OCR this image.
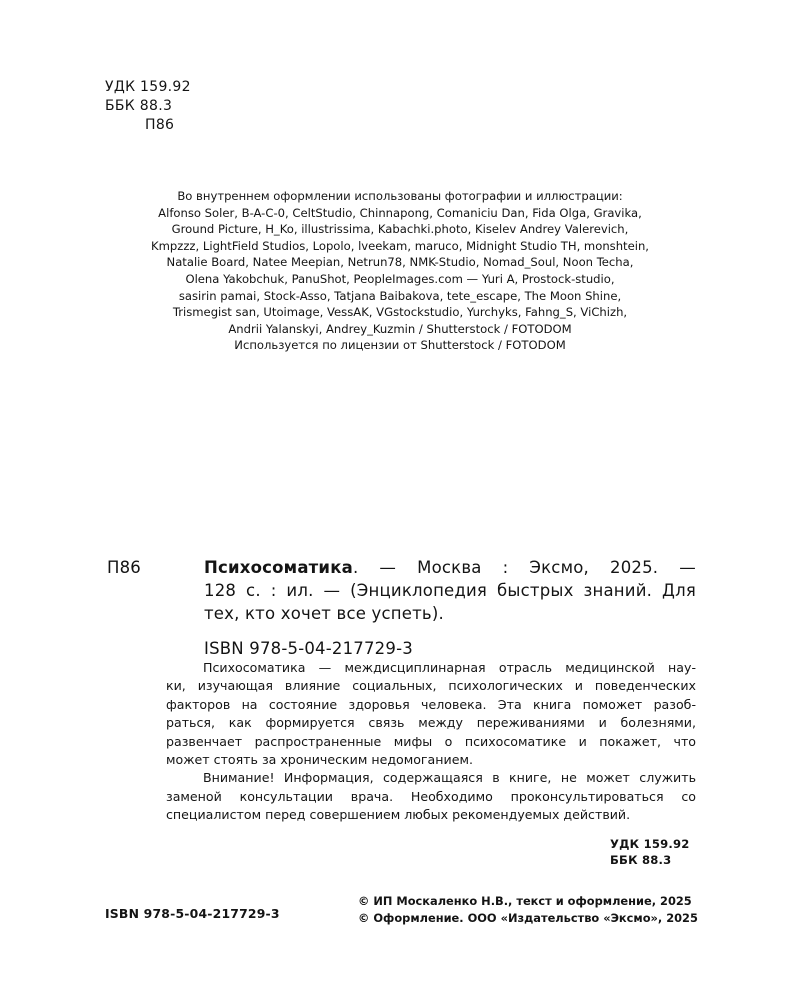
УДК 159.92
ББК 88.3
П86
Во внутреннем оформлении использованы фотографии и иллюстрации:
Alfonso Soler, B-A-C-0, CeltStudio, Chinnapong, Comaniciu Dan, Fida Olga, Gravika,
Ground Picture, H_Ko, illustrissima, Kabachki.photo, Kiselev Andrey Valerevich,
Kmpzzz, LightField Studios, Lopolo, lveekam, maruco, Midnight Studio TH, monshtein,
Natalie Board, Natee Meepian, Netrun78, NMK-Studio, Nomad_Soul, Noon Techa,
Olena Yakobchuk, PanuShot, PeopleImages.com — Yuri A, Prostock-studio,
sasirin pamai, Stock-Asso, Tatjana Baibakova, tete_escape, The Moon Shine,
Trismegist san, Utoimage, VessAK, VGstockstudio, Yurchyks, Fahng_S, ViChizh,
Andrii Yalanskyi, Andrey_Kuzmin / Shutterstock / FOTODOM
Используется по лицензии от Shutterstock / FOTODOM
П86	Психосоматика. — Москва : Эксмо, 2025. —
128 с. : ил. — (Энциклопедия быстрых знаний. Для
тех, кто хочет все успеть).
ISBN 978-5-04-217729-3
Психосоматика — междисциплинарная отрасль медицинской нау-
ки, изучающая влияние социальных, психологических и поведенческих
факторов на состояние здоровья человека. Эта книга поможет разоб-
раться, как формируется связь между переживаниями и болезнями,
развенчает распространенные мифы о психосоматике и покажет, что
может стоять за хроническим недомоганием.
Внимание! Информация, содержащаяся в книге, не может служить
заменой консультации врача. Необходимо проконсультироваться со
специалистом перед совершением любых рекомендуемых действий.
УДК 159.92
ББК 88.3
ISBN 978-5-04-217729-3
© ИП Москаленко Н.В., текст и оформление, 2025
© Оформление. ООО «Издательство «Эксмо», 2025
